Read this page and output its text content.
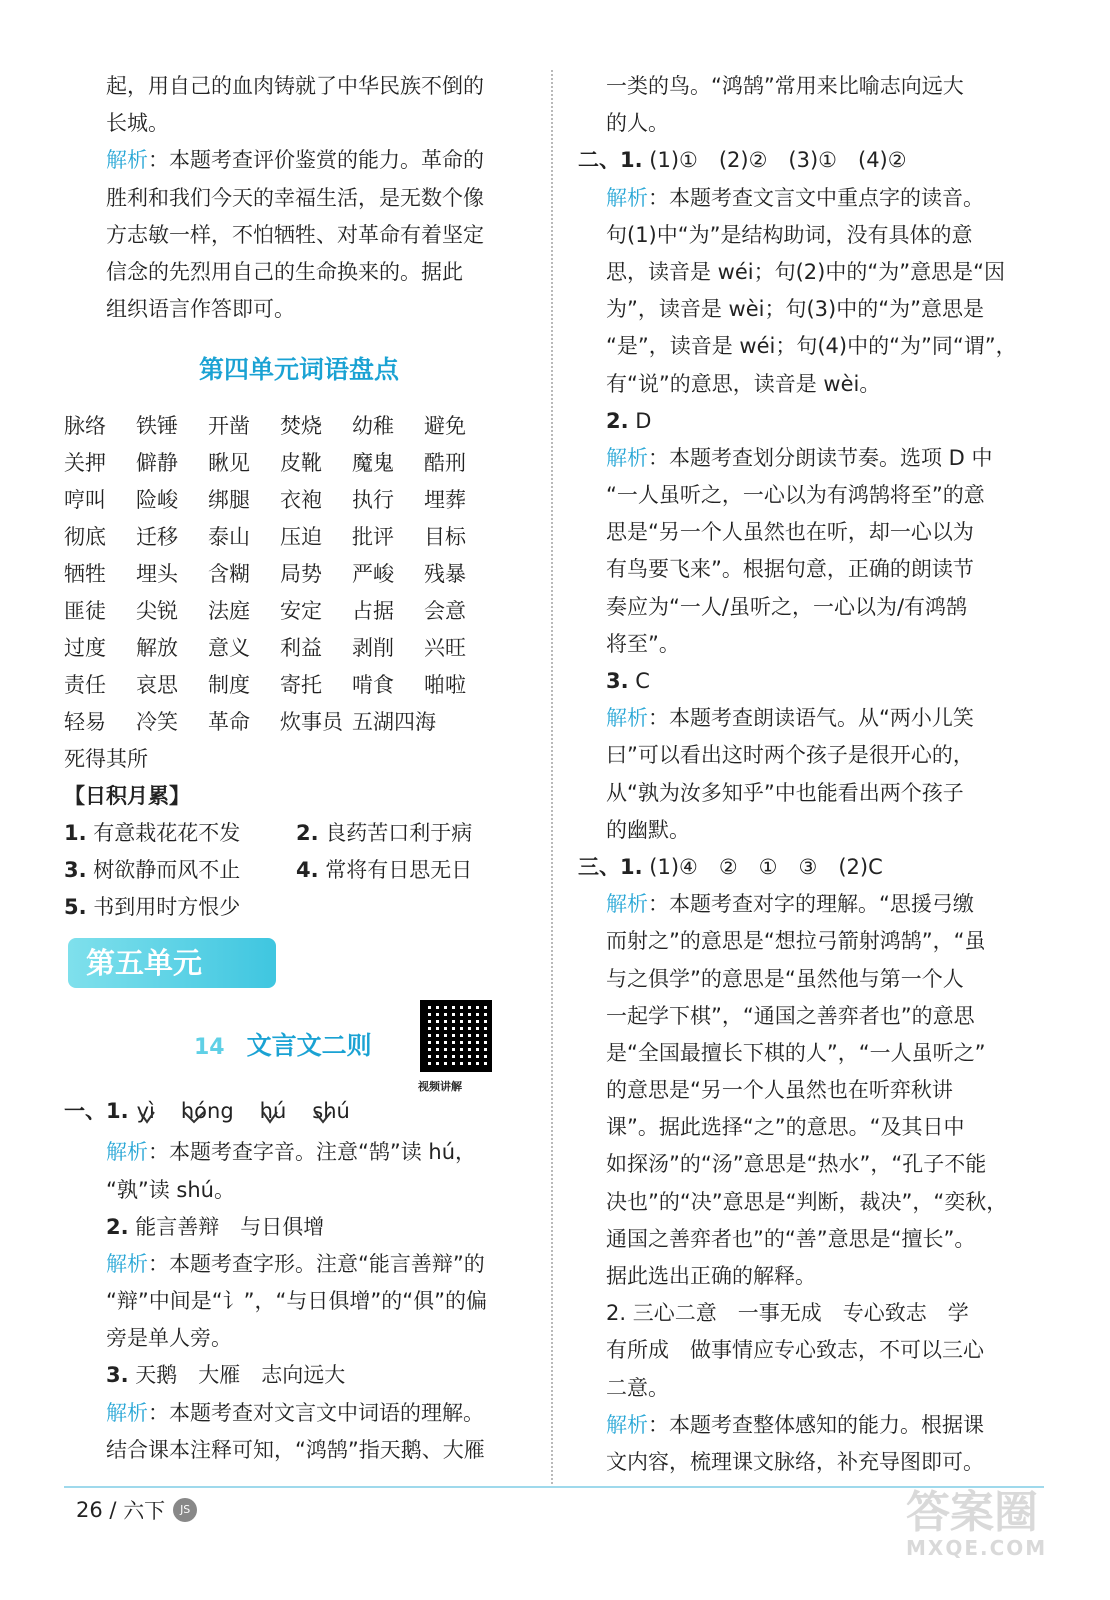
起，用自己的血肉铸就了中华民族不倒的
长城。
解析：本题考查评价鉴赏的能力。革命的
胜利和我们今天的幸福生活，是无数个像
方志敏一样，不怕牺牲、对革命有着坚定
信念的先烈用自己的生命换来的。据此
组织语言作答即可。
第四单元词语盘点
脉络	铁锤	开凿	焚烧	幼稚	避免
关押	僻静	瞅见	皮靴	魔鬼	酷刑
哼叫	险峻	绑腿	衣袍	执行	埋葬
彻底	迁移	泰山	压迫	批评	目标
牺牲	埋头	含糊	局势	严峻	残暴
匪徒	尖锐	法庭	安定	占据	会意
过度	解放	意义	利益	剥削	兴旺
责任	哀思	制度	寄托	啃食	啪啦
轻易	冷笑	革命	炊事员 五湖四海
死得其所
【日积月累】
1. 有意栽花花不发	2. 良药苦口利于病
3. 树欲静而风不止	4. 常将有日思无日
5. 书到用时方恨少
第五单元
14 文言文二则
视频讲解
一、1. yì hóng hú shú
解析：本题考查字音。注意“鹄”读 hú，
“孰”读 shú。
2. 能言善辩　与日俱增
解析：本题考查字形。注意“能言善辩”的
“辩”中间是“讠”，“与日俱增”的“俱”的偏
旁是单人旁。
3. 天鹅　大雁　志向远大
解析：本题考查对文言文中词语的理解。
结合课本注释可知，“鸿鹄”指天鹅、大雁
一类的鸟。“鸿鹄”常用来比喻志向远大
的人。
二、1. (1)①　(2)②　(3)①　(4)②
解析：本题考查文言文中重点字的读音。
句(1)中“为”是结构助词，没有具体的意
思，读音是 wéi；句(2)中的“为”意思是“因
为”，读音是 wèi；句(3)中的“为”意思是
“是”，读音是 wéi；句(4)中的“为”同“谓”，
有“说”的意思，读音是 wèi。
2. D
解析：本题考查划分朗读节奏。选项 D 中
“一人虽听之，一心以为有鸿鹄将至”的意
思是“另一个人虽然也在听，却一心以为
有鸟要飞来”。根据句意，正确的朗读节
奏应为“一人/虽听之，一心以为/有鸿鹄
将至”。
3. C
解析：本题考查朗读语气。从“两小儿笑
曰”可以看出这时两个孩子是很开心的，
从“孰为汝多知乎”中也能看出两个孩子
的幽默。
三、1. (1)④　②　①　③　(2)C
解析：本题考查对字的理解。“思援弓缴
而射之”的意思是“想拉弓箭射鸿鹄”，“虽
与之俱学”的意思是“虽然他与第一个人
一起学下棋”，“通国之善弈者也”的意思
是“全国最擅长下棋的人”，“一人虽听之”
的意思是“另一个人虽然也在听弈秋讲
课”。据此选择“之”的意思。“及其日中
如探汤”的“汤”意思是“热水”，“孔子不能
决也”的“决”意思是“判断，裁决”，“奕秋，
通国之善弈者也”的“善”意思是“擅长”。
据此选出正确的解释。
2. 三心二意　一事无成　专心致志　学
有所成　做事情应专心致志，不可以三心
二意。
解析：本题考查整体感知的能力。根据课
文内容，梳理课文脉络，补充导图即可。
26
/
六下	JS	答案圈
MXQE.COM
